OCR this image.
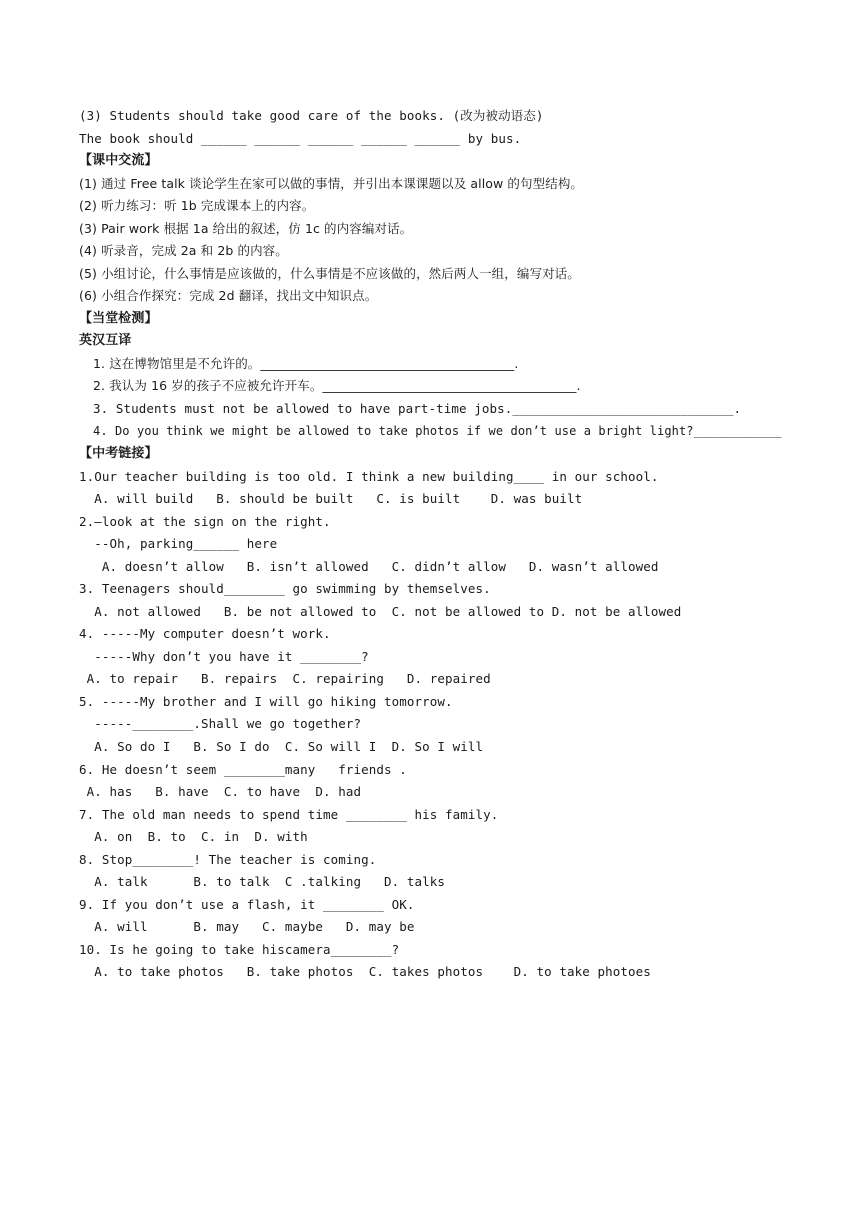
(3) Students should take good care of the books. (改为被动语态)
The book should ______ ______ ______ ______ ______ by bus.
【课中交流】
(1) 通过 Free talk 谈论学生在家可以做的事情，并引出本课课题以及 allow 的句型结构。
(2) 听力练习：听 1b 完成课本上的内容。
(3) Pair work 根据 1a 给出的叙述，仿 1c 的内容编对话。
(4) 听录音，完成 2a 和 2b 的内容。
(5) 小组讨论，什么事情是应该做的，什么事情是不应该做的，然后两人一组，编写对话。
(6) 小组合作探究：完成 2d 翻译，找出文中知识点。
【当堂检测】
英汉互译
1. 这在博物馆里是不允许的。________________________________________.
2. 我认为 16 岁的孩子不应被允许开车。________________________________________.
3. Students must not be allowed to have part-time jobs._____________________________.
4. Do you think we might be allowed to take photos if we don’t use a bright light?____________
【中考链接】
1.Our teacher building is too old. I think a new building____ in our school.
A. will build   B. should be built   C. is built    D. was built
2.—look at the sign on the right.
--Oh, parking______ here
A. doesn’t allow   B. isn’t allowed   C. didn’t allow   D. wasn’t allowed
3. Teenagers should________ go swimming by themselves.
A. not allowed   B. be not allowed to  C. not be allowed to D. not be allowed
4. -----My computer doesn’t work.
-----Why don’t you have it ________?
A. to repair   B. repairs  C. repairing   D. repaired
5. -----My brother and I will go hiking tomorrow.
-----________.Shall we go together?
A. So do I   B. So I do  C. So will I  D. So I will
6. He doesn’t seem ________many   friends .
A. has   B. have  C. to have  D. had
7. The old man needs to spend time ________ his family.
A. on  B. to  C. in  D. with
8. Stop________! The teacher is coming.
A. talk      B. to talk  C .talking   D. talks
9. If you don’t use a flash, it ________ OK.
A. will      B. may   C. maybe   D. may be
10. Is he going to take hiscamera________?
A. to take photos   B. take photos  C. takes photos    D. to take photoes
